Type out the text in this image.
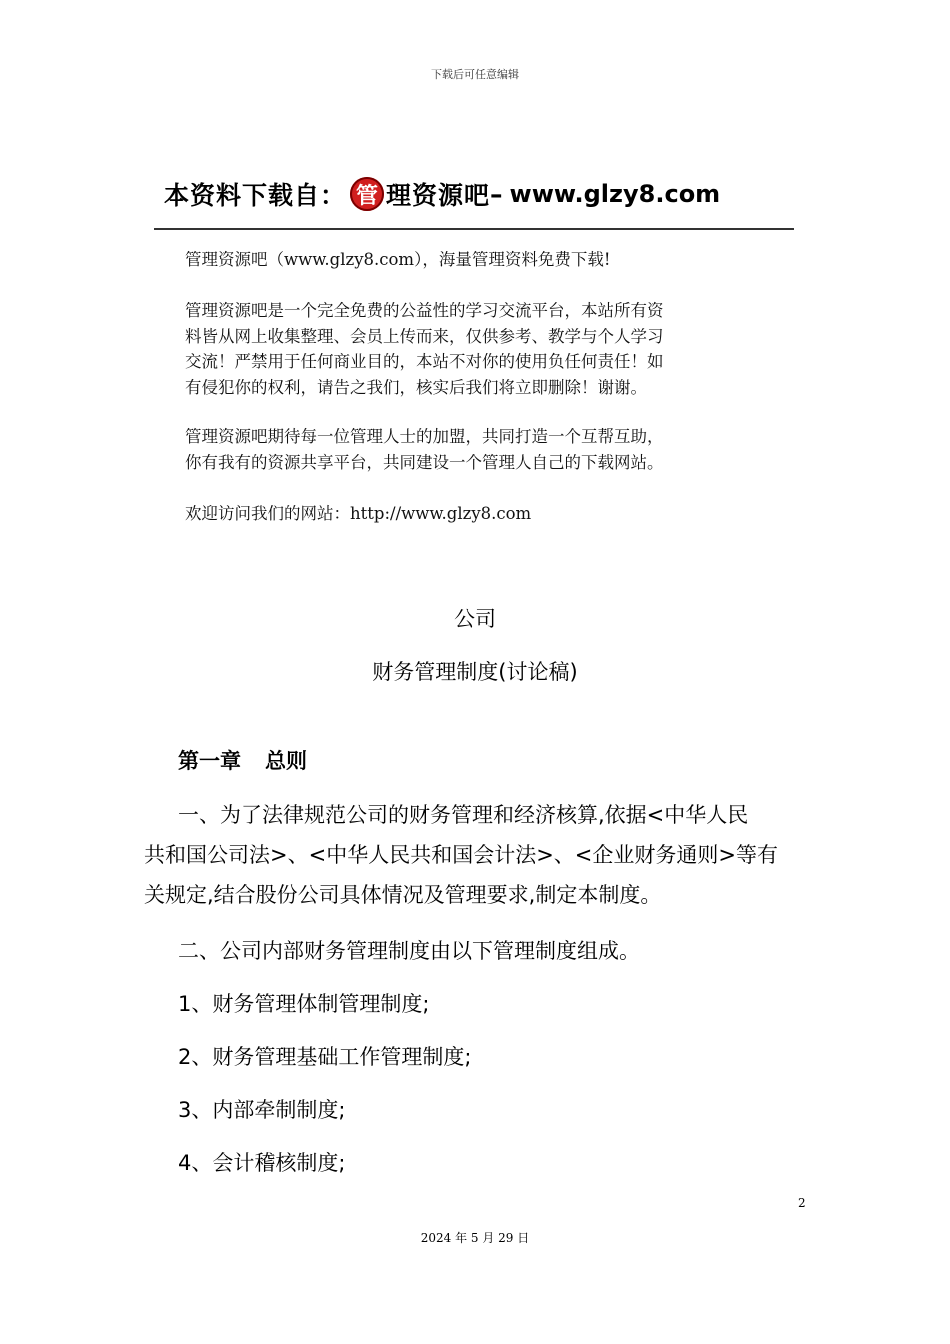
下载后可任意编辑
本资料下载自： 管 理资源吧 – www.glzy8.com

管理资源吧（www.glzy8.com），海量管理资料免费下载!

管理资源吧是一个完全免费的公益性的学习交流平台，本站所有资

料皆从网上收集整理、会员上传而来，仅供参考、教学与个人学习

交流！严禁用于任何商业目的，本站不对你的使用负任何责任！如

有侵犯你的权利，请告之我们，核实后我们将立即删除！谢谢。

管理资源吧期待每一位管理人士的加盟，共同打造一个互帮互助，

你有我有的资源共享平台，共同建设一个管理人自己的下载网站。

欢迎访问我们的网站：http://www.glzy8.com

公司
财务管理制度(讨论稿)
第一章 总则
一、为了法律规范公司的财务管理和经济核算,依据<中华人民
共和国公司法>、<中华人民共和国会计法>、<企业财务通则>等有
关规定,结合股份公司具体情况及管理要求,制定本制度。
二、公司内部财务管理制度由以下管理制度组成。
1、财务管理体制管理制度;
2、财务管理基础工作管理制度;
3、内部牵制制度;
4、会计稽核制度;
2
2024 年 5 月 29 日
